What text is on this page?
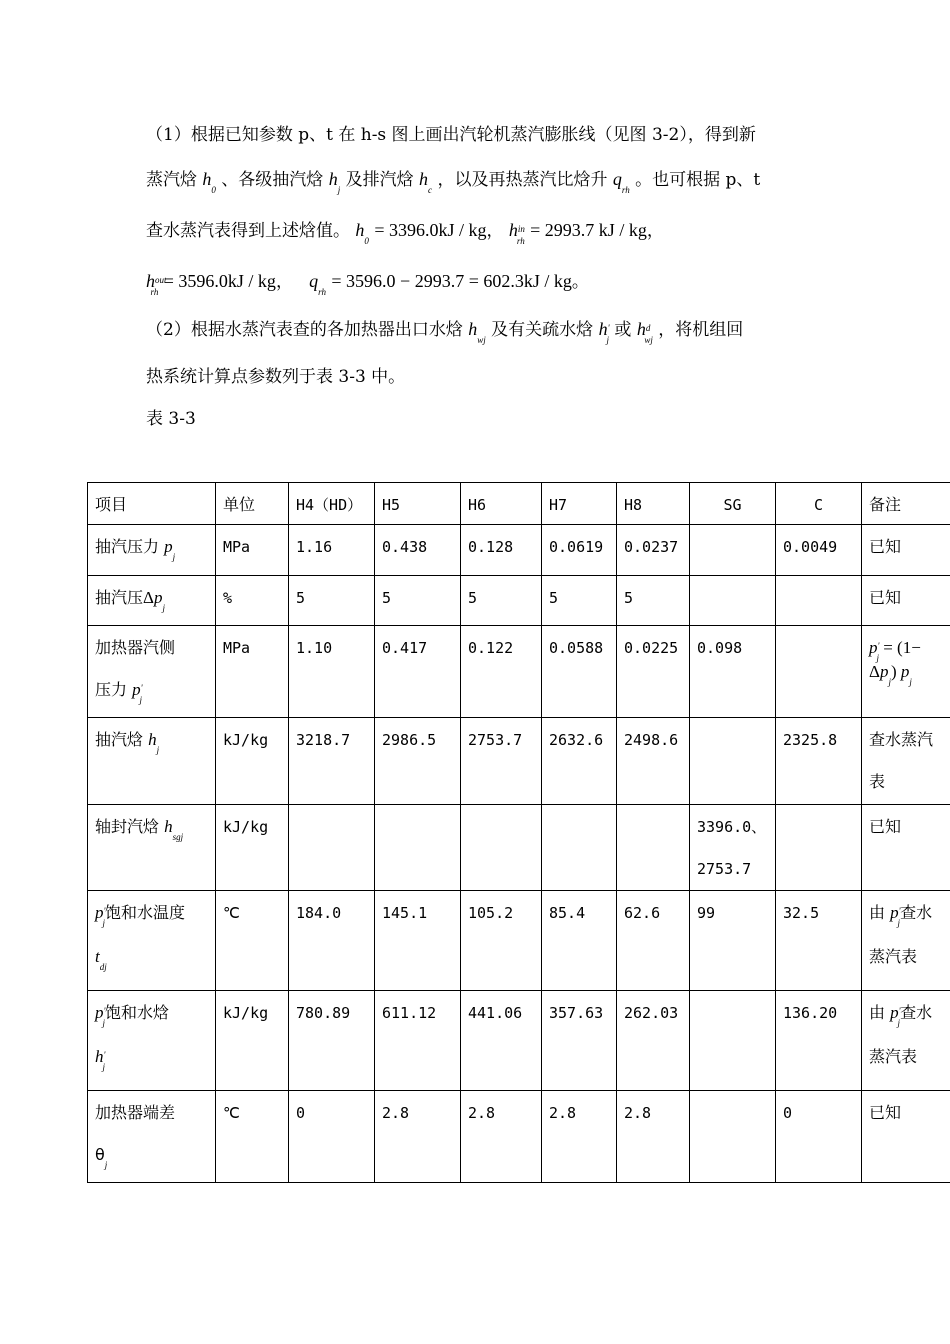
（1）根据已知参数 p、t 在 h-s 图上画出汽轮机蒸汽膨胀线（见图 3-2），得到新
蒸汽焓 $h_0$ 、各级抽汽焓 $h_j$ 及排汽焓 $h_c$ ，以及再热蒸汽比焓升 $q_{rh}$ 。也可根据 p、t
查水蒸汽表得到上述焓值。 $h_0 = 3396.0kJ$ / kg， $h^{in}_{rh} = 2993.7$ kJ / kg，
$h^{out}_{rh} = 3596.0kJ$ / kg， $q_{rh} = 3596.0 - 2993.7 = 602.3kJ$ / kg。
（2）根据水蒸汽表查的各加热器出口水焓 $h_{wj}$ 及有关疏水焓 $h'_j$ 或 $h^d_{wj}$ ，将机组回
热系统计算点参数列于表 3-3 中。
表 3-3
项目	单位	H4（HD）	H5	H6	H7	H8	SG	C	备注
抽汽压力 $p_j$	MPa	1.16	0.438	0.128	0.0619	0.0237		0.0049	已知
抽汽压$\Delta p_j$	%	5	5	5	5	5			已知
加热器汽侧
压力 $p'_j$	MPa	1.10	0.417	0.122	0.0588	0.0225	0.098		$p'_j = (1-$
$\Delta p_j$) $p_j$
抽汽焓 $h_j$	kJ/kg	3218.7	2986.5	2753.7	2632.6	2498.6		2325.8	查水蒸汽
表
轴封汽焓 $h_{sgj}$	kJ/kg						3396.0、
2753.7		已知
$p'_j$饱和水温度
$t_{dj}$	℃	184.0	145.1	105.2	85.4	62.6	99	32.5	由 $p'_j$查水
蒸汽表
$p'_j$饱和水焓
$h'_j$	kJ/kg	780.89	611.12	441.06	357.63	262.03		136.20	由 $p'_j$查水
蒸汽表
加热器端差
$\theta_j$	℃	0	2.8	2.8	2.8	2.8		0	已知
